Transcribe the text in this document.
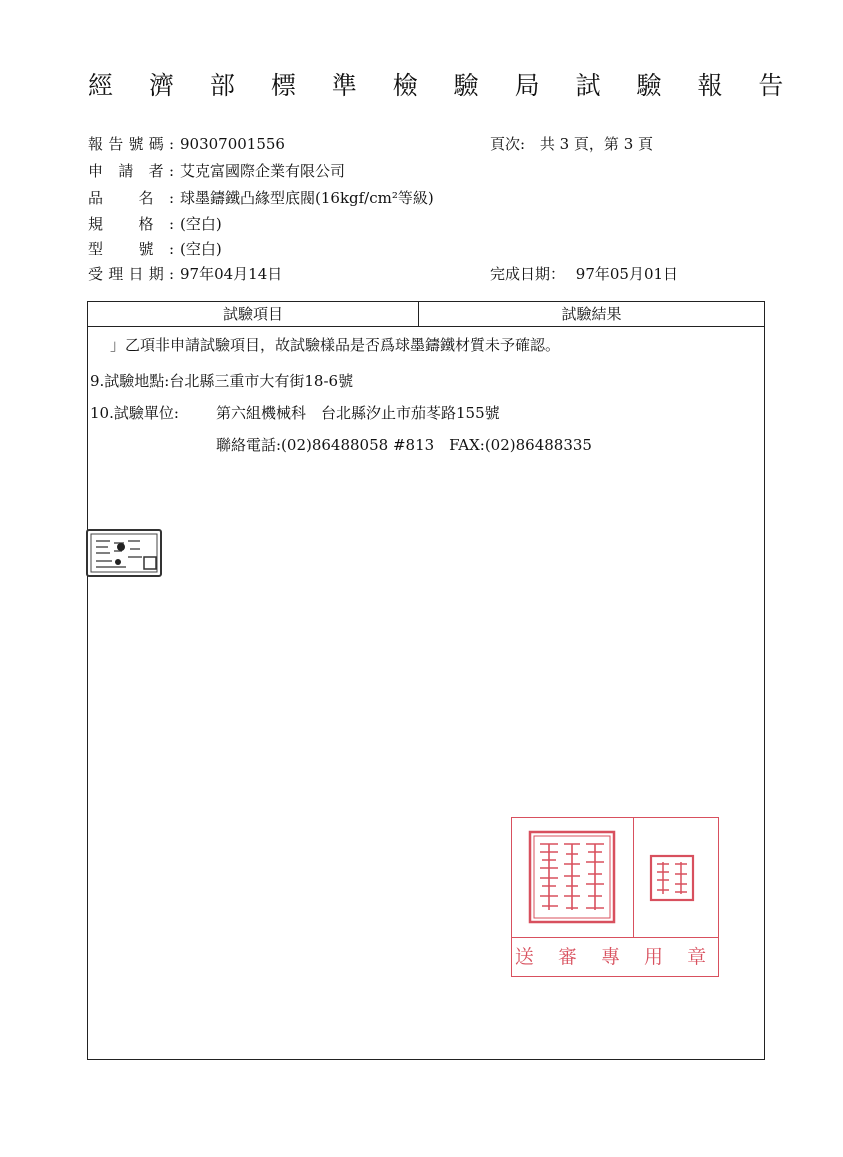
經 濟 部 標 準 檢 驗 局 試 驗 報 告
報告號碼: 90307001556	頁次: 共 3 頁，第 3 頁
申 請 者: 艾克富國際企業有限公司
品 名: 球墨鑄鐵凸緣型底閥(16kgf/cm²等級)
規 格: (空白)
型 號: (空白)
受理日期: 97年04月14日	完成日期： 97年05月01日
試驗項目	試驗結果
」乙項非申請試驗項目，故試驗樣品是否爲球墨鑄鐵材質未予確認。
9.試驗地點:台北縣三重市大有街18-6號
10.試驗單位: 第六組機械科　台北縣汐止市茄苳路155號
聯絡電話:(02)86488058 #813　FAX:(02)86488335
送 審 專 用 章
